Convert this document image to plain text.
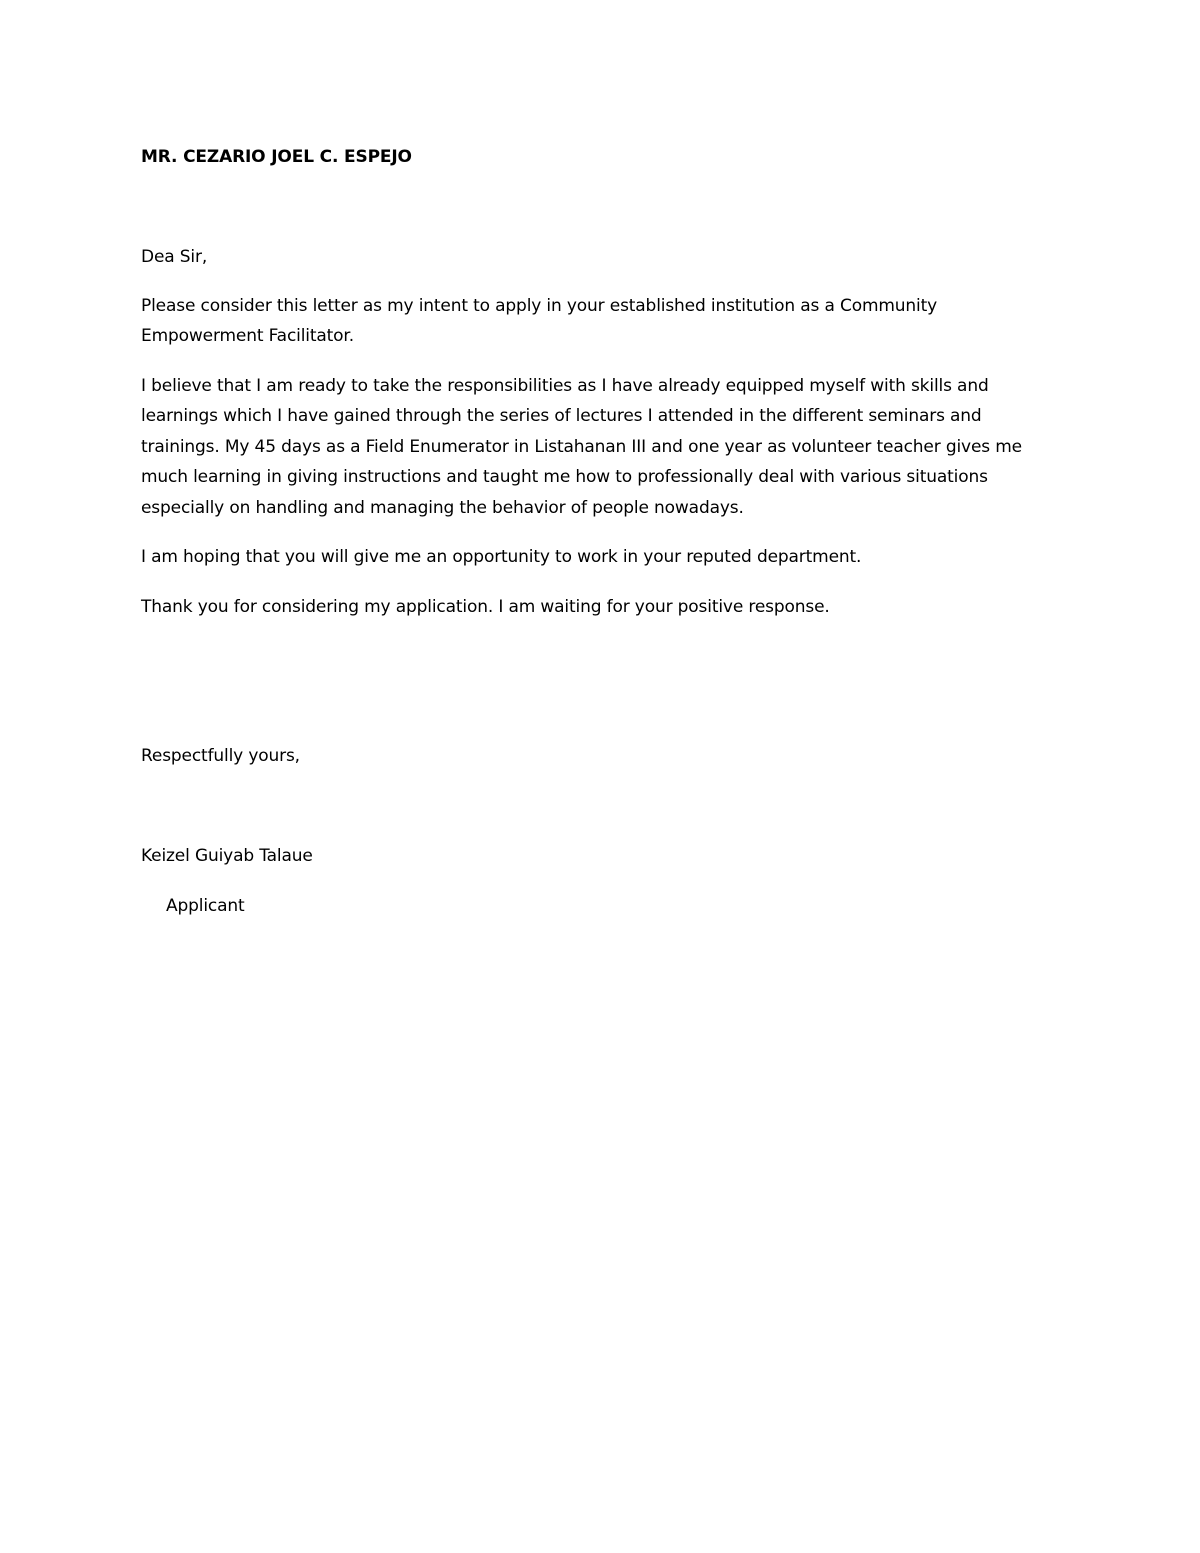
MR. CEZARIO JOEL C. ESPEJO
Dea Sir,
Please consider this letter as my intent to apply in your established institution as a Community
Empowerment Facilitator.
I believe that I am ready to take the responsibilities as I have already equipped myself with skills and
learnings which I have gained through the series of lectures I attended in the different seminars and
trainings. My 45 days as a Field Enumerator in Listahanan III and one year as volunteer teacher gives me
much learning in giving instructions and taught me how to professionally deal with various situations
especially on handling and managing the behavior of people nowadays.
I am hoping that you will give me an opportunity to work in your reputed department.
Thank you for considering my application. I am waiting for your positive response.
Respectfully yours,
Keizel Guiyab Talaue
Applicant
